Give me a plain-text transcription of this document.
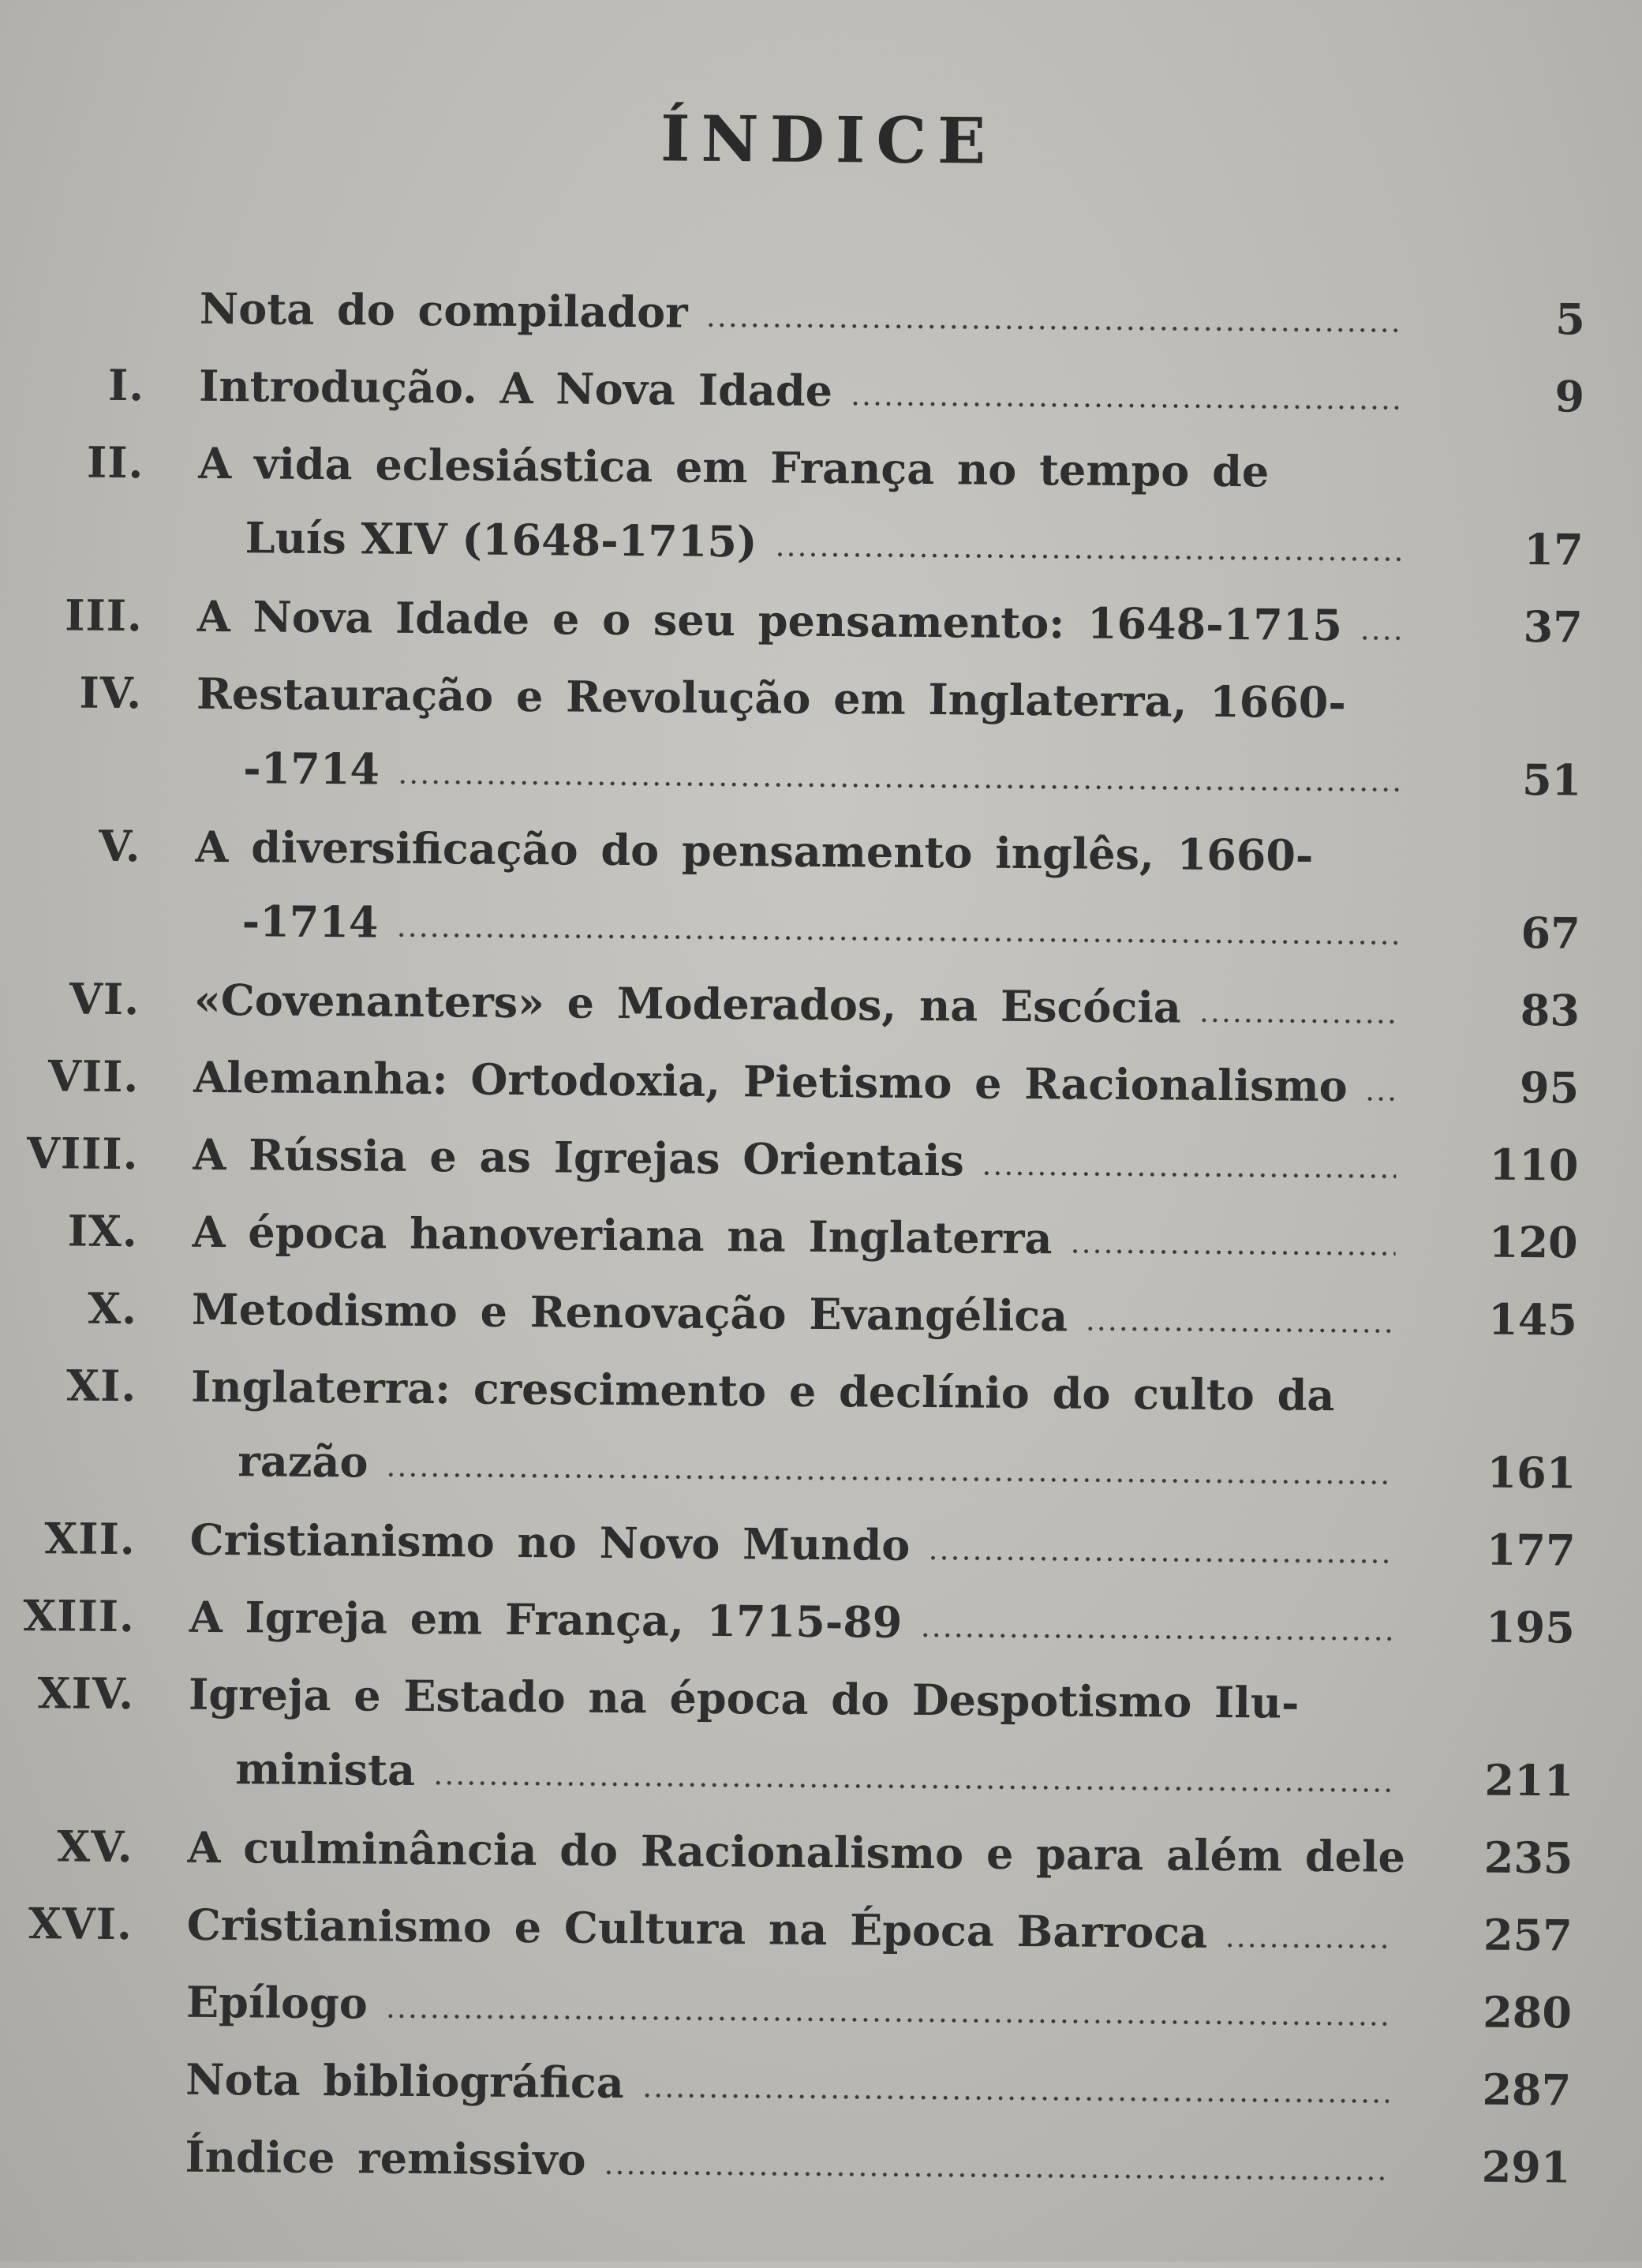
ÍNDICE
Nota do compilador	5
I. Introdução. A Nova Idade	9
II. A vida eclesiástica em França no tempo de
Luís XIV (1648-1715)	17
III. A Nova Idade e o seu pensamento: 1648-1715	37
IV. Restauração e Revolução em Inglaterra, 1660-
-1714	51
V. A diversificação do pensamento inglês, 1660-
-1714	67
VI. «Covenanters» e Moderados, na Escócia	83
VII. Alemanha: Ortodoxia, Pietismo e Racionalismo	95
VIII. A Rússia e as Igrejas Orientais	110
IX. A época hanoveriana na Inglaterra	120
X. Metodismo e Renovação Evangélica	145
XI. Inglaterra: crescimento e declínio do culto da
razão	161
XII. Cristianismo no Novo Mundo	177
XIII. A Igreja em França, 1715-89	195
XIV. Igreja e Estado na época do Despotismo Ilu-
minista	211
XV. A culminância do Racionalismo e para além dele	235
XVI. Cristianismo e Cultura na Época Barroca	257
Epílogo	280
Nota bibliográfica	287
Índice remissivo	291
